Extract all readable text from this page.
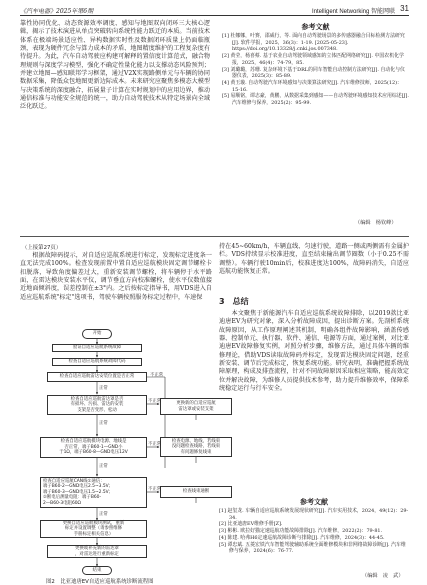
《汽车电器》2025年第6期	Intelligent Networking 智能网联 31
靠性协同优化、动态资源效率调度、感知与地图双向闭环三大核心逻辑，揭示了技术演进从单点突破转向系统性能力跃迁的本质。当前技术体系在极端场景适应性、异构数据实时性及数据闭环质量上仍面临瓶颈，表现为硬件冗余与算力成本的矛盾、地图精度维护的工程复杂度有待提升。为此，汽车自动驾驶应构建可解释的置信度计算范式，融合物理规则与深度学习模型，强化不确定性量化能力以支撑动态风险预判；并建立地图—感知联邦学习框架，通过V2X实现路侧单元与车辆的协同数据采集，降低众包地图更新边际成本。未来研究应聚焦多模态大模型与决策系统的深度融合，拓展量子计算在实时规划中的应用边界，推动通信标准与功能安全规范的统一，助力自动驾驶技术从特定场景向全域泛化跃迁。
参考文献
[1] 杜娜娜，叶赛，邵威行，等. 面向自动驾驶场景的多传感器融合目标检测方法研究[J]. 软件学报，2025，36(3)：1-19. [2025-05-23]. https://doi.org/10.13328/j.cnki.jos.007348.
[2] 黄莹，杨喜蔡. 基于农业自动驾驶领域感知的立体匹配网络研究[J]. 中国农机化学报，2025，46(4)：74-79，85.
[3] 刘璐璐，苏珊. 复杂环境下基于DRL的同车智能自动控制方法研究[J]. 自动化与仪器仪表，2025(3)：85-89.
[4] 黄玉璇. 自动驾驶汽车环境感知与决策算法研究[J]. 汽车维修技师，2025(12)：15-16.
[5] 易顺铭，谭志豪，黄鹏，从数据采集到感知——自动驾驶环境感知技术应用综述[J]. 汽车维修与保养，2025(2)：95-99.
（编辑　杨钦峰）
（上接第27页）
　　根据故障码提示，对自适应巡航系统进行标定，发现标定进度条一直无法完成100%。检查发现前置中置自适应巡航模块固定调节螺栓卡扣脱落，导致角度偏差过大，重新安装调节螺栓，将车辆停于水平路面，在雷达模块安装水平仪，调节垂直方向校准螺栓，使水平仪数值接近地面倾斜度，误差控制在±3°内。之后按标定指导书，用VDS进入自适应巡航系统"标定"选项书，驾驶车辆按照服务标定过程中，车速保
开始
验证自适应巡航系统故障
检查自适应巡航系统故障代码
检查自适应巡航雷达安装位置是否正常
正常
不正常
检查自适应巡航雷达罩是否
有损坏、污损、雷达的安装
支架是否变形、松动
更换新的自适应巡航
雷达罩或安装支架
正常
不正常
检查自适应巡航模块电源、地线是
否正常，端子B60-1—GND小
于1Ω，端子B60-8—GND电压12V
检查电源、地线，若线束
没问题检查线路，若线束
有问题修复线束
正常
不正常
检查自适应巡航CAN线①通信：
端子B60-2—GND电压2.5~3.5V；
端子B60-3—GND电压1.5~2.5V；
②断电后测量电阻：端子B60-
2—B60-3电阻60Ω
检查线束通断
正常
不正常
更换自适应巡航模块测试，重新
标定并设置调整（请参照维修
手册标定相关信息）
更换或补充新的雷达罩
，对雷达进行重新标定
结束
图2　比亚迪唐EV自适应巡航系统诊断流程图
持在45~60km/h，车辆直线、匀速行驶，道路一侧或两侧需有金属护栏。VDS持续显示校准进度，直至结束输出调节圈数（小于0.25不需调整）。车辆行驶10min后，校准进度达100%，故障码消失，自适应巡航功能恢复正常。
3  总结
　　本文聚焦于新能源汽车自适应巡航系统故障排除，以2019款比亚迪唐EV为研究对象，深入分析故障成因，提出诊断方案。先剖析系统故障原因，从工作原理阐述其机制，明确各组件故障影响，涵盖传感器、控制单元、执行器、软件、通信、电源等方面，通过案例，对比亚迪唐EV故障修复实例，对照分析步骤，维修方法，通过具体车辆的维修理论，借助VDS读取故障码并标定，发现雷达模块固定问题，经重新安装、调节后完成标定，恢复系统功能。研究表明，准确把握系统故障原理，构成及排查流程，针对不同故障原因采取相应策略，能高效定位并解决故障，为维修人员提供技术参考，助力提升维修效率，保障系统稳定运行与行车安全。
参考文献
[1] 赵玺龙. 车辆自适应巡航系统发展现状研究[J]. 汽车实用技术，2024，49(12)：29-34.
[2] 比亚迪唐EV维修手册[Z].
[3] 彬彬. 欧拉好猫定速巡航功能故障排除[J]. 汽车维修，2022(2)：79-81.
[4] 陈建. 哈弗H6定速巡航故障诊断与排除[J]. 汽车维修，2024(3)：44-45.
[5] 谭忠斌. 五菱宏铁汽车智能驾驶辅助系统全面维修模块和非网络故障诊断[J]. 汽车维修与保养，2024(6)：76-77.
（编辑　凌　武）
